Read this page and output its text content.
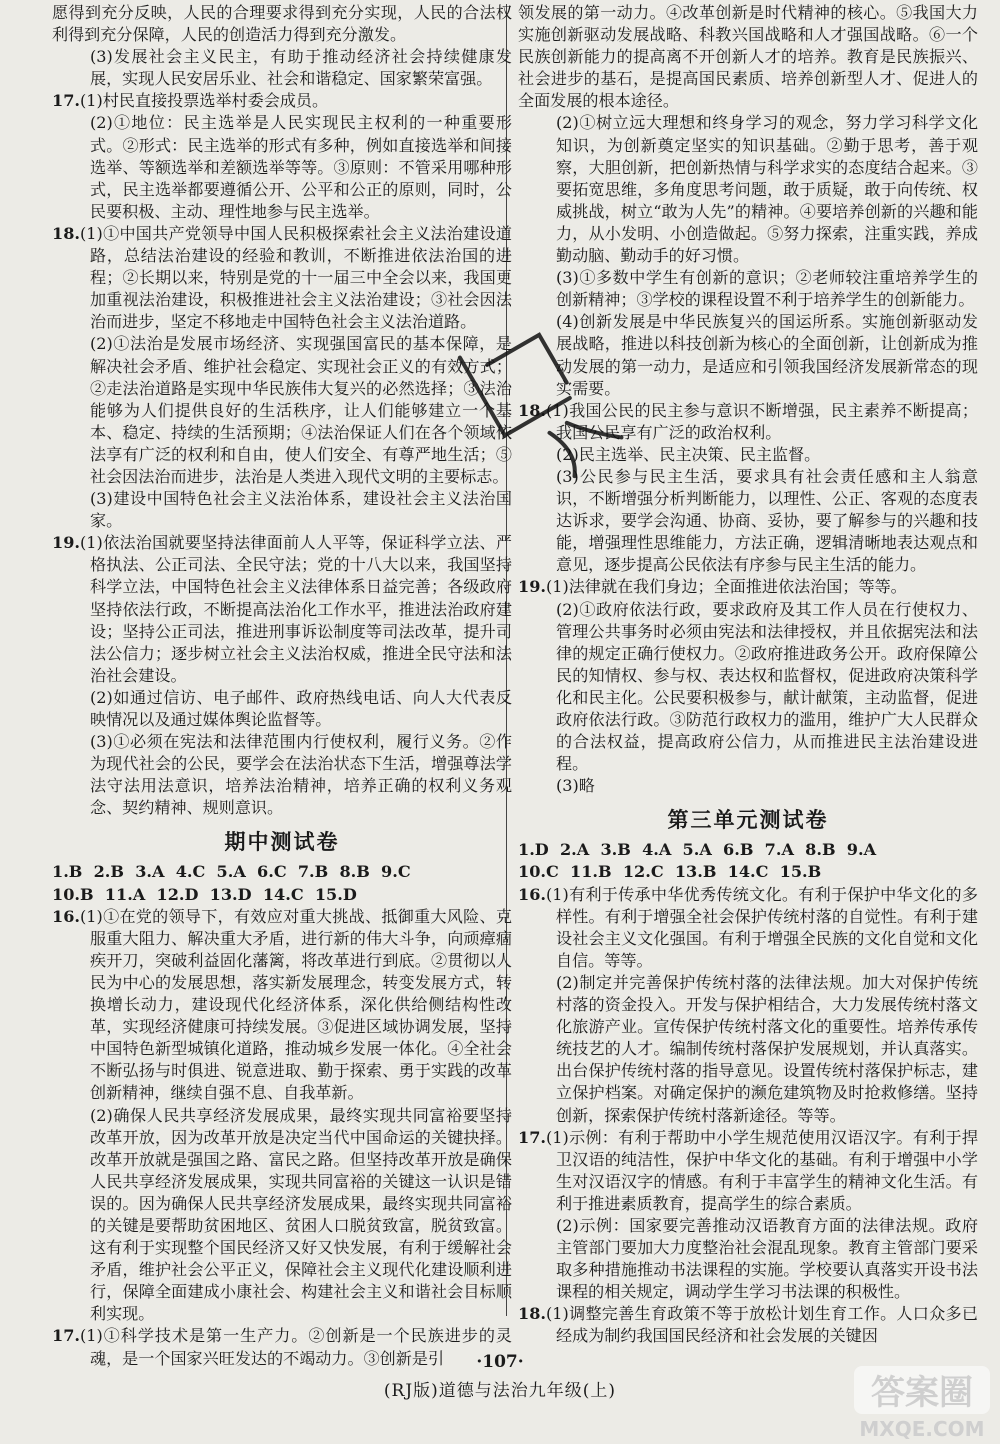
愿得到充分反映，人民的合理要求得到充分实现，人民的合法权利得到充分保障，人民的创造活力得到充分激发。

(3)发展社会主义民主，有助于推动经济社会持续健康发展，实现人民安居乐业、社会和谐稳定、国家繁荣富强。

17.(1)村民直接投票选举村委会成员。

(2)①地位：民主选举是人民实现民主权利的一种重要形式。②形式：民主选举的形式有多种，例如直接选举和间接选举、等额选举和差额选举等等。③原则：不管采用哪种形式，民主选举都要遵循公开、公平和公正的原则，同时，公民要积极、主动、理性地参与民主选举。

18.(1)①中国共产党领导中国人民积极探索社会主义法治建设道路，总结法治建设的经验和教训，不断推进依法治国的进程；②长期以来，特别是党的十一届三中全会以来，我国更加重视法治建设，积极推进社会主义法治建设；③社会因法治而进步，坚定不移地走中国特色社会主义法治道路。

(2)①法治是发展市场经济、实现强国富民的基本保障，是解决社会矛盾、维护社会稳定、实现社会正义的有效方式；②走法治道路是实现中华民族伟大复兴的必然选择；③法治能够为人们提供良好的生活秩序，让人们能够建立一个基本、稳定、持续的生活预期；④法治保证人们在各个领域依法享有广泛的权利和自由，使人们安全、有尊严地生活；⑤社会因法治而进步，法治是人类进入现代文明的主要标志。

(3)建设中国特色社会主义法治体系，建设社会主义法治国家。

19.(1)依法治国就要坚持法律面前人人平等，保证科学立法、严格执法、公正司法、全民守法；党的十八大以来，我国坚持科学立法，中国特色社会主义法律体系日益完善；各级政府坚持依法行政，不断提高法治化工作水平，推进法治政府建设；坚持公正司法，推进刑事诉讼制度等司法改革，提升司法公信力；逐步树立社会主义法治权威，推进全民守法和法治社会建设。

(2)如通过信访、电子邮件、政府热线电话、向人大代表反映情况以及通过媒体舆论监督等。

(3)①必须在宪法和法律范围内行使权利，履行义务。②作为现代社会的公民，要学会在法治状态下生活，增强尊法学法守法用法意识，培养法治精神，培养正确的权利义务观念、契约精神、规则意识。

期中测试卷

1.B  2.B  3.A  4.C  5.A  6.C  7.B  8.B  9.C

10.B  11.A  12.D  13.D  14.C  15.D

16.(1)①在党的领导下，有效应对重大挑战、抵御重大风险、克服重大阻力、解决重大矛盾，进行新的伟大斗争，向顽瘴痼疾开刀，突破利益固化藩篱，将改革进行到底。②贯彻以人民为中心的发展思想，落实新发展理念，转变发展方式，转换增长动力，建设现代化经济体系，深化供给侧结构性改革，实现经济健康可持续发展。③促进区域协调发展，坚持中国特色新型城镇化道路，推动城乡发展一体化。④全社会不断弘扬与时俱进、锐意进取、勤于探索、勇于实践的改革创新精神，继续自强不息、自我革新。

(2)确保人民共享经济发展成果，最终实现共同富裕要坚持改革开放，因为改革开放是决定当代中国命运的关键抉择。改革开放就是强国之路、富民之路。但坚持改革开放是确保人民共享经济发展成果，实现共同富裕的关键这一认识是错误的。因为确保人民共享经济发展成果，最终实现共同富裕的关键是要帮助贫困地区、贫困人口脱贫致富，脱贫致富。这有利于实现整个国民经济又好又快发展，有利于缓解社会矛盾，维护社会公平正义，保障社会主义现代化建设顺利进行，保障全面建成小康社会、构建社会主义和谐社会目标顺利实现。

17.(1)①科学技术是第一生产力。②创新是一个民族进步的灵魂，是一个国家兴旺发达的不竭动力。③创新是引

领发展的第一动力。④改革创新是时代精神的核心。⑤我国大力实施创新驱动发展战略、科教兴国战略和人才强国战略。⑥一个民族创新能力的提高离不开创新人才的培养。教育是民族振兴、社会进步的基石，是提高国民素质、培养创新型人才、促进人的全面发展的根本途径。

(2)①树立远大理想和终身学习的观念，努力学习科学文化知识，为创新奠定坚实的知识基础。②勤于思考，善于观察，大胆创新，把创新热情与科学求实的态度结合起来。③要拓宽思维，多角度思考问题，敢于质疑，敢于向传统、权威挑战，树立“敢为人先”的精神。④要培养创新的兴趣和能力，从小发明、小创造做起。⑤努力探索，注重实践，养成勤动脑、勤动手的好习惯。

(3)①多数中学生有创新的意识；②老师较注重培养学生的创新精神；③学校的课程设置不利于培养学生的创新能力。

(4)创新发展是中华民族复兴的国运所系。实施创新驱动发展战略，推进以科技创新为核心的全面创新，让创新成为推动发展的第一动力，是适应和引领我国经济发展新常态的现实需要。

18.(1)我国公民的民主参与意识不断增强，民主素养不断提高；我国公民享有广泛的政治权利。

(2)民主选举、民主决策、民主监督。

(3)公民参与民主生活，要求具有社会责任感和主人翁意识，不断增强分析判断能力，以理性、公正、客观的态度表达诉求，要学会沟通、协商、妥协，要了解参与的兴趣和技能，增强理性思维能力，方法正确，逻辑清晰地表达观点和意见，逐步提高公民依法有序参与民主生活的能力。

19.(1)法律就在我们身边；全面推进依法治国；等等。

(2)①政府依法行政，要求政府及其工作人员在行使权力、管理公共事务时必须由宪法和法律授权，并且依据宪法和法律的规定正确行使权力。②政府推进政务公开。政府保障公民的知情权、参与权、表达权和监督权，促进政府决策科学化和民主化。公民要积极参与，献计献策，主动监督，促进政府依法行政。③防范行政权力的滥用，维护广大人民群众的合法权益，提高政府公信力，从而推进民主法治建设进程。

(3)略

第三单元测试卷

1.D  2.A  3.B  4.A  5.A  6.B  7.A  8.B  9.A

10.C  11.B  12.C  13.B  14.C  15.B

16.(1)有利于传承中华优秀传统文化。有利于保护中华文化的多样性。有利于增强全社会保护传统村落的自觉性。有利于建设社会主义文化强国。有利于增强全民族的文化自觉和文化自信。等等。

(2)制定并完善保护传统村落的法律法规。加大对保护传统村落的资金投入。开发与保护相结合，大力发展传统村落文化旅游产业。宣传保护传统村落文化的重要性。培养传承传统技艺的人才。编制传统村落保护发展规划，并认真落实。出台保护传统村落的指导意见。设置传统村落保护标志，建立保护档案。对确定保护的濒危建筑物及时抢救修缮。坚持创新，探索保护传统村落新途径。等等。

17.(1)示例：有利于帮助中小学生规范使用汉语汉字。有利于捍卫汉语的纯洁性，保护中华文化的基础。有利于增强中小学生对汉语汉字的情感。有利于丰富学生的精神文化生活。有利于推进素质教育，提高学生的综合素质。

(2)示例：国家要完善推动汉语教育方面的法律法规。政府主管部门要加大力度整治社会混乱现象。教育主管部门要采取多种措施推动书法课程的实施。学校要认真落实开设书法课程的相关规定，调动学生学习书法课的积极性。

18.(1)调整完善生育政策不等于放松计划生育工作。人口众多已经成为制约我国国民经济和社会发展的关键因

·107·
(RJ版)道德与法治九年级(上)	答案圈
MXQE.COM
